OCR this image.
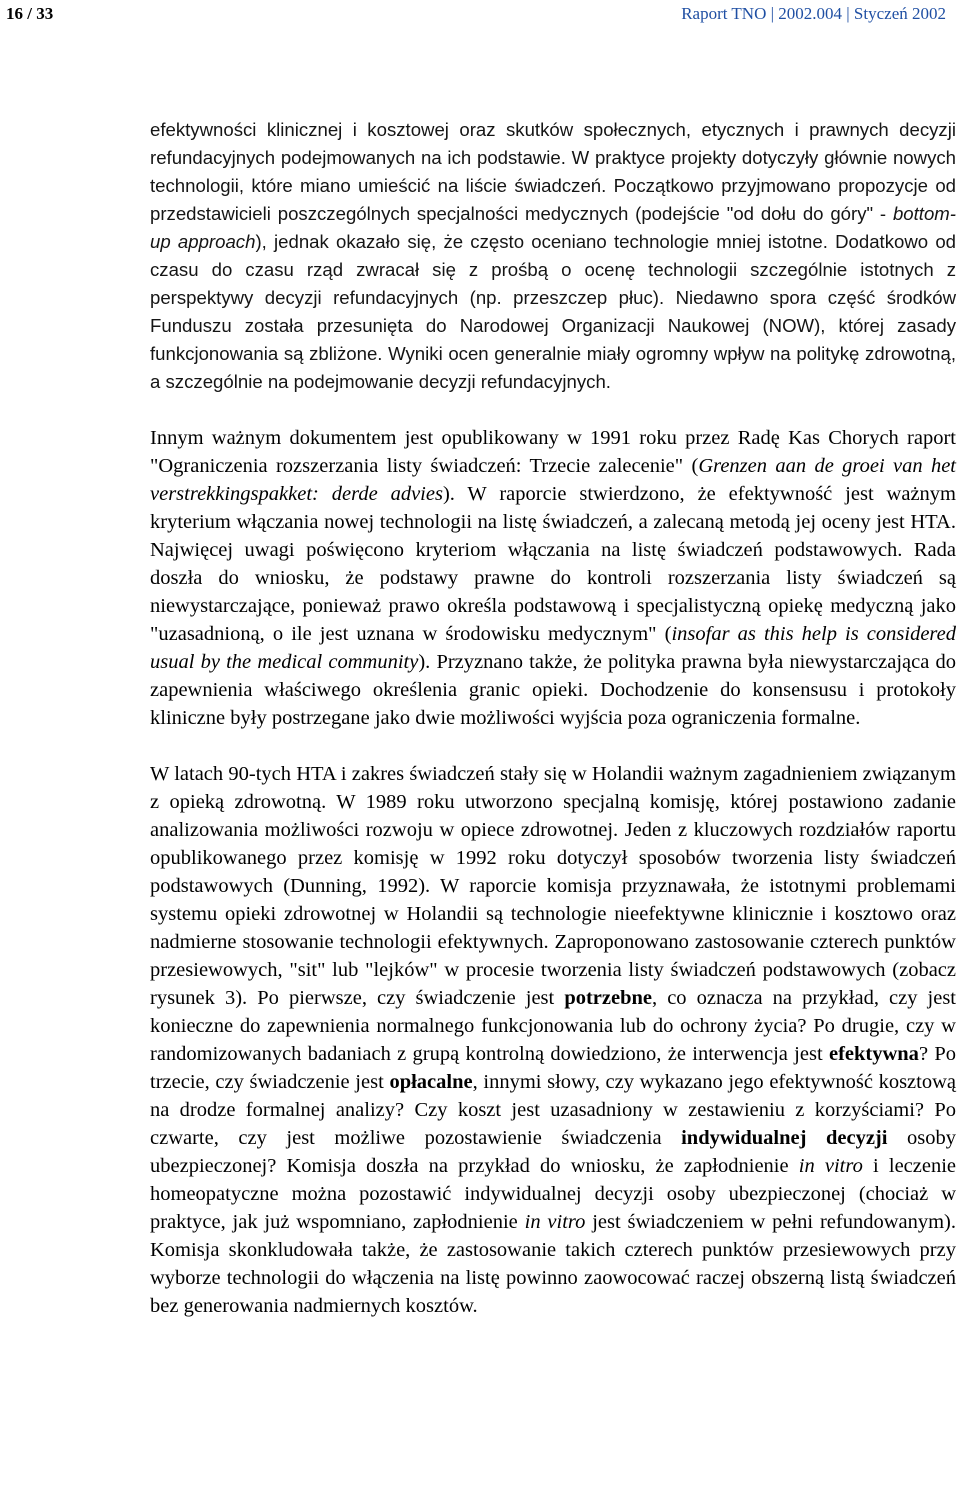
16 / 33	Raport TNO | 2002.004 | Styczeń 2002

efektywności klinicznej i kosztowej oraz skutków społecznych, etycznych i prawnych decyzji refundacyjnych podejmowanych na ich podstawie. W praktyce projekty dotyczyły głównie nowych technologii, które miano umieścić na liście świadczeń. Początkowo przyjmowano propozycje od przedstawicieli poszczególnych specjalności medycznych (podejście "od dołu do góry" - bottom-up approach), jednak okazało się, że często oceniano technologie mniej istotne. Dodatkowo od czasu do czasu rząd zwracał się z prośbą o ocenę technologii szczególnie istotnych z perspektywy decyzji refundacyjnych (np. przeszczep płuc). Niedawno spora część środków Funduszu została przesunięta do Narodowej Organizacji Naukowej (NOW), której zasady funkcjonowania są zbliżone. Wyniki ocen generalnie miały ogromny wpływ na politykę zdrowotną, a szczególnie na podejmowanie decyzji refundacyjnych.

Innym ważnym dokumentem jest opublikowany w 1991 roku przez Radę Kas Chorych raport "Ograniczenia rozszerzania listy świadczeń: Trzecie zalecenie" (Grenzen aan de groei van het verstrekkingspakket: derde advies). W raporcie stwierdzono, że efektywność jest ważnym kryterium włączania nowej technologii na listę świadczeń, a zalecaną metodą jej oceny jest HTA. Najwięcej uwagi poświęcono kryteriom włączania na listę świadczeń podstawowych. Rada doszła do wniosku, że podstawy prawne do kontroli rozszerzania listy świadczeń są niewystarczające, ponieważ prawo określa podstawową i specjalistyczną opiekę medyczną jako "uzasadnioną, o ile jest uznana w środowisku medycznym" (insofar as this help is considered usual by the medical community). Przyznano także, że polityka prawna była niewystarczająca do zapewnienia właściwego określenia granic opieki. Dochodzenie do konsensusu i protokoły kliniczne były postrzegane jako dwie możliwości wyjścia poza ograniczenia formalne.

W latach 90-tych HTA i zakres świadczeń stały się w Holandii ważnym zagadnieniem związanym z opieką zdrowotną. W 1989 roku utworzono specjalną komisję, której postawiono zadanie analizowania możliwości rozwoju w opiece zdrowotnej. Jeden z kluczowych rozdziałów raportu opublikowanego przez komisję w 1992 roku dotyczył sposobów tworzenia listy świadczeń podstawowych (Dunning, 1992). W raporcie komisja przyznawała, że istotnymi problemami systemu opieki zdrowotnej w Holandii są technologie nieefektywne klinicznie i kosztowo oraz nadmierne stosowanie technologii efektywnych. Zaproponowano zastosowanie czterech punktów przesiewowych, "sit" lub "lejków" w procesie tworzenia listy świadczeń podstawowych (zobacz rysunek 3). Po pierwsze, czy świadczenie jest potrzebne, co oznacza na przykład, czy jest konieczne do zapewnienia normalnego funkcjonowania lub do ochrony życia? Po drugie, czy w randomizowanych badaniach z grupą kontrolną dowiedziono, że interwencja jest efektywna? Po trzecie, czy świadczenie jest opłacalne, innymi słowy, czy wykazano jego efektywność kosztową na drodze formalnej analizy? Czy koszt jest uzasadniony w zestawieniu z korzyściami? Po czwarte, czy jest możliwe pozostawienie świadczenia indywidualnej decyzji osoby ubezpieczonej? Komisja doszła na przykład do wniosku, że zapłodnienie in vitro i leczenie homeopatyczne można pozostawić indywidualnej decyzji osoby ubezpieczonej (chociaż w praktyce, jak już wspomniano, zapłodnienie in vitro jest świadczeniem w pełni refundowanym). Komisja skonkludowała także, że zastosowanie takich czterech punktów przesiewowych przy wyborze technologii do włączenia na listę powinno zaowocować raczej obszerną listą świadczeń bez generowania nadmiernych kosztów.
